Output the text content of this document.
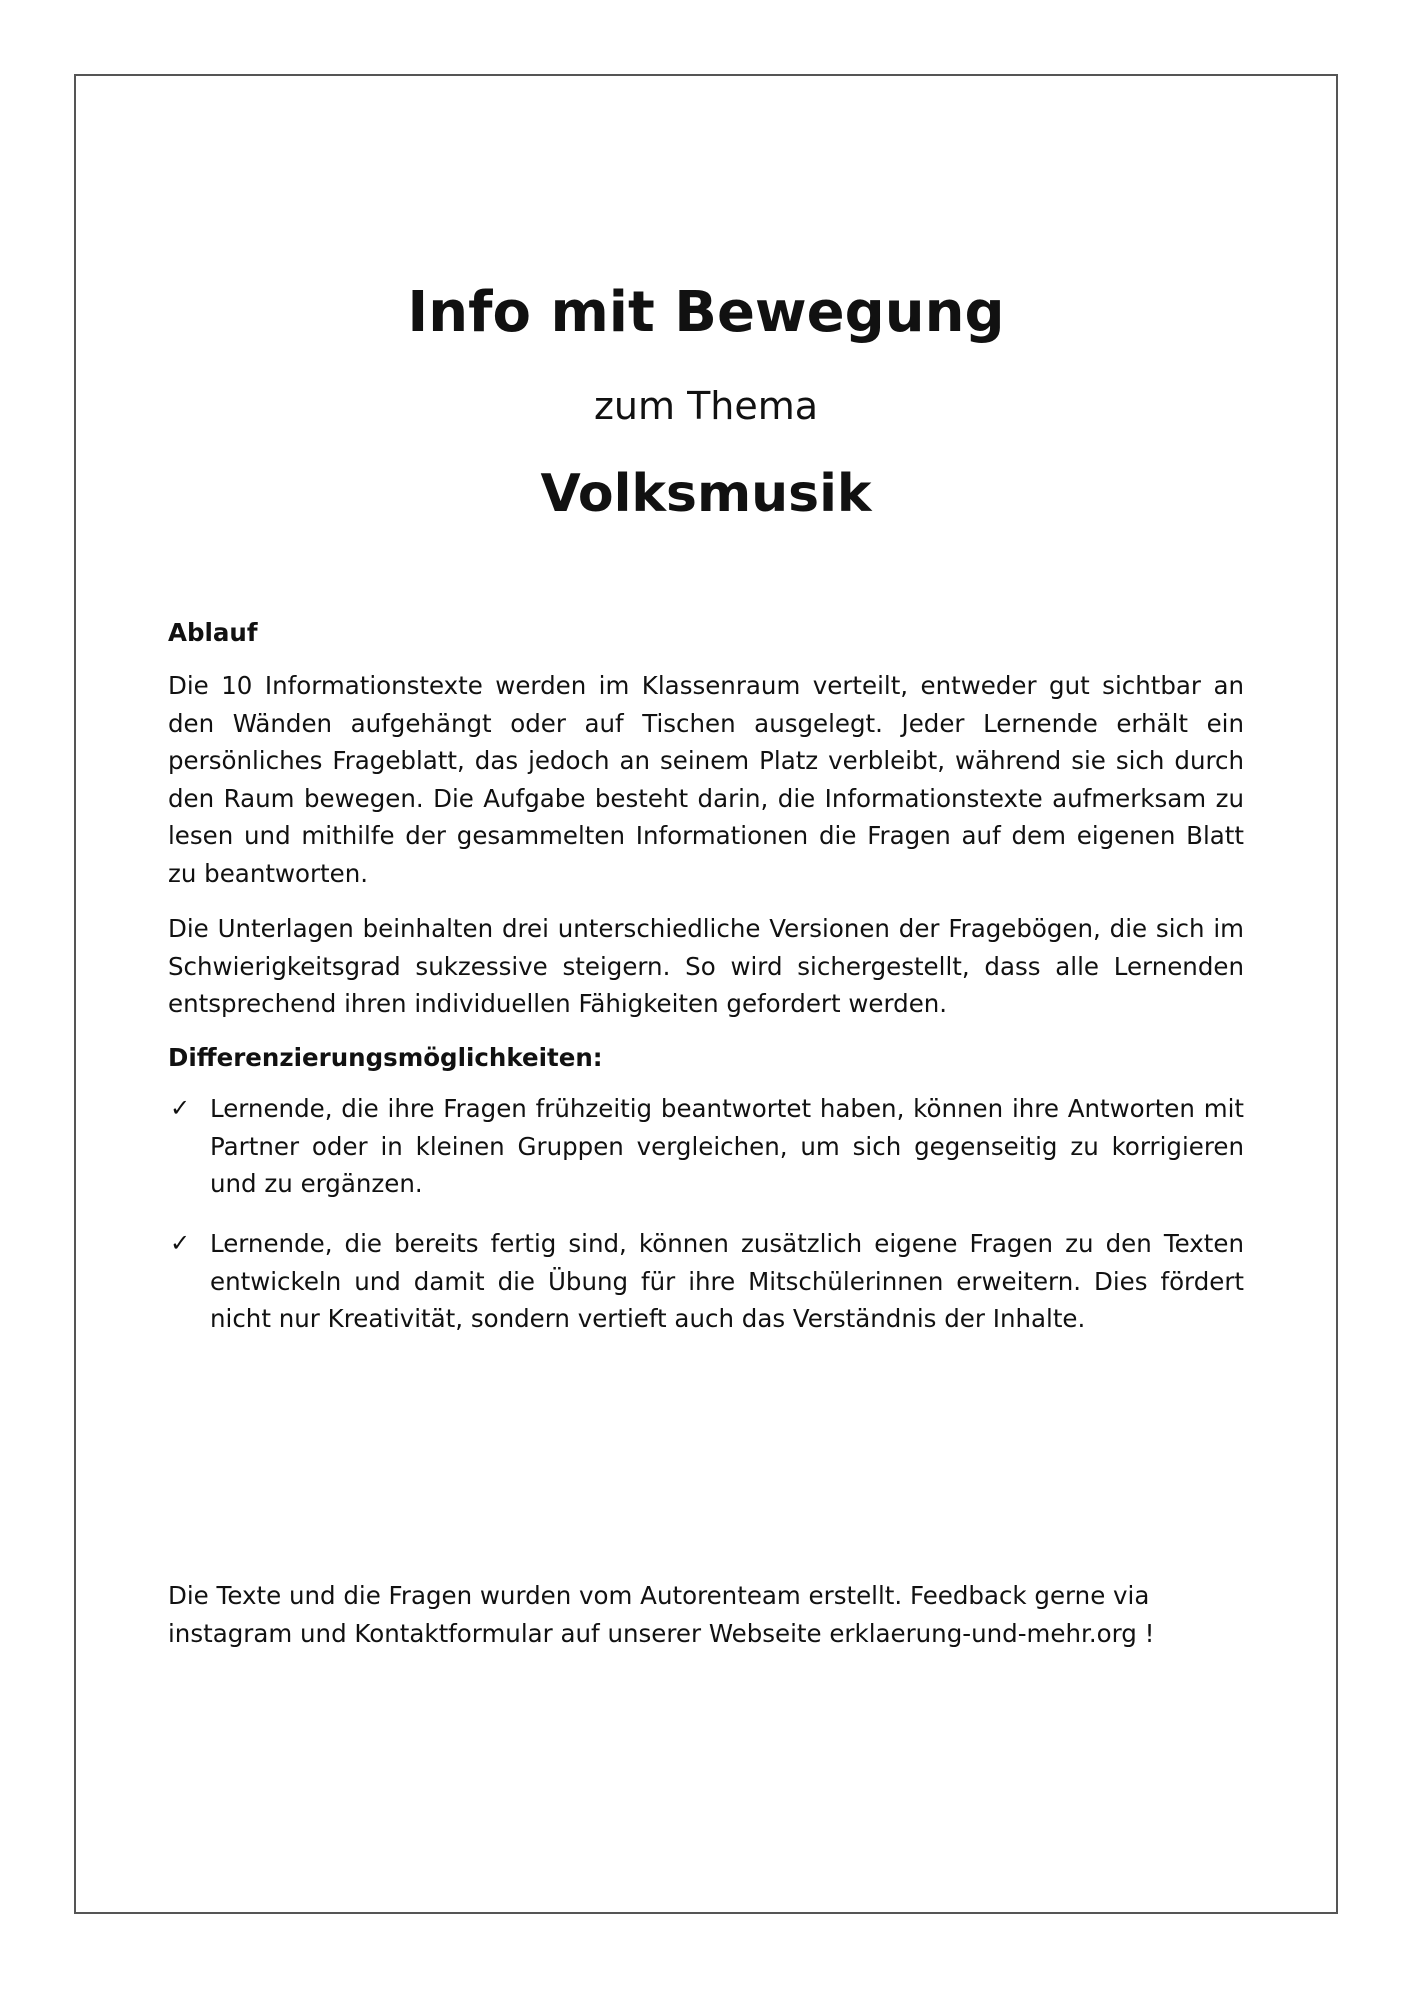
Info mit Bewegung
zum Thema
Volksmusik
Ablauf

Die 10 Informationstexte werden im Klassenraum verteilt, entweder gut sichtbar an den Wänden aufgehängt oder auf Tischen ausgelegt. Jeder Lernende erhält ein persönliches Frageblatt, das jedoch an seinem Platz verbleibt, während sie sich durch den Raum bewegen. Die Aufgabe besteht darin, die Informationstexte aufmerksam zu lesen und mithilfe der gesammelten Informationen die Fragen auf dem eigenen Blatt zu beantworten.

Die Unterlagen beinhalten drei unterschiedliche Versionen der Fragebögen, die sich im Schwierigkeitsgrad sukzessive steigern. So wird sichergestellt, dass alle Lernenden entsprechend ihren individuellen Fähigkeiten gefordert werden.

Differenzierungsmöglichkeiten:
✓ Lernende, die ihre Fragen frühzeitig beantwortet haben, können ihre Antworten mit Partner oder in kleinen Gruppen vergleichen, um sich gegenseitig zu korrigieren und zu ergänzen.

✓ Lernende, die bereits fertig sind, können zusätzlich eigene Fragen zu den Texten entwickeln und damit die Übung für ihre Mitschülerinnen erweitern. Dies fördert nicht nur Kreativität, sondern vertieft auch das Verständnis der Inhalte.

Die Texte und die Fragen wurden vom Autorenteam erstellt. Feedback gerne via
instagram und Kontaktformular auf unserer Webseite erklaerung-und-mehr.org !
